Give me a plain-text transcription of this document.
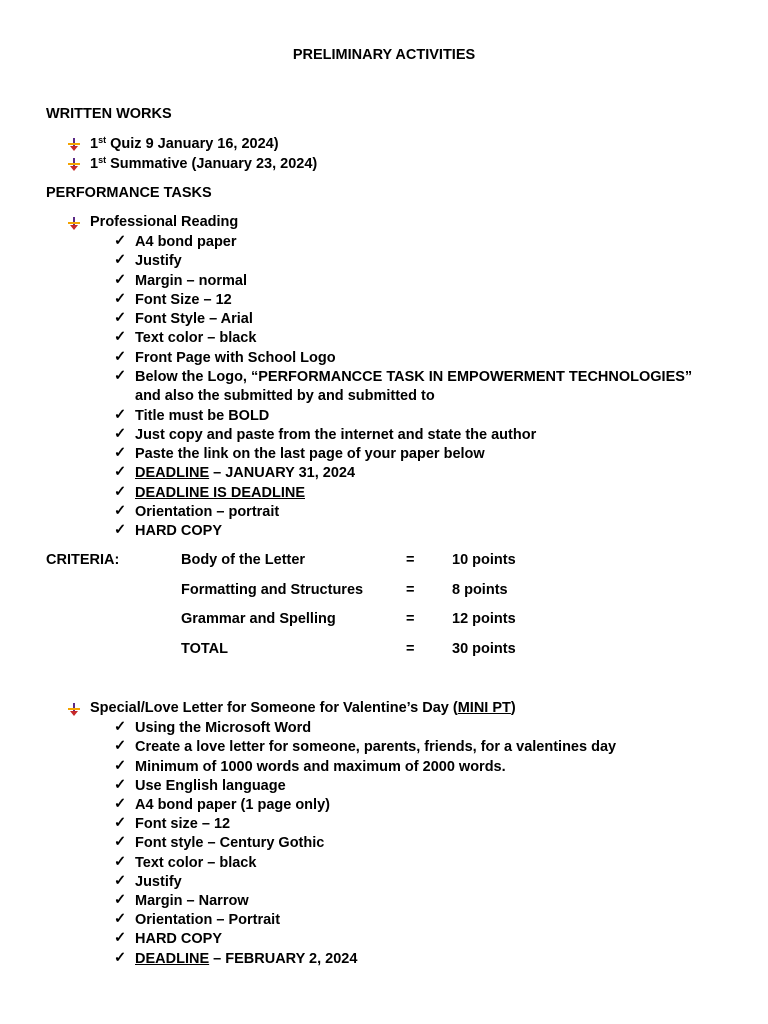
PRELIMINARY ACTIVITIES
WRITTEN WORKS
1st Quiz 9 January 16, 2024)
1st Summative (January 23, 2024)
PERFORMANCE TASKS
Professional Reading
✓ A4 bond paper
✓ Justify
✓ Margin – normal
✓ Font Size – 12
✓ Font Style – Arial
✓ Text color – black
✓ Front Page with School Logo
✓ Below the Logo, “PERFORMANCCE TASK IN EMPOWERMENT TECHNOLOGIES”
and also the submitted by and submitted to
✓ Title must be BOLD
✓ Just copy and paste from the internet and state the author
✓ Paste the link on the last page of your paper below
✓ DEADLINE – JANUARY 31, 2024
✓ DEADLINE IS DEADLINE
✓ Orientation – portrait
✓ HARD COPY
CRITERIA:	Body of the Letter	=	10 points
Formatting and Structures	=	8 points
Grammar and Spelling	=	12 points
TOTAL	=	30 points
Special/Love Letter for Someone for Valentine’s Day (MINI PT)
✓ Using the Microsoft Word
✓ Create a love letter for someone, parents, friends, for a valentines day
✓ Minimum of 1000 words and maximum of 2000 words.
✓ Use English language
✓ A4 bond paper (1 page only)
✓ Font size – 12
✓ Font style – Century Gothic
✓ Text color – black
✓ Justify
✓ Margin – Narrow
✓ Orientation – Portrait
✓ HARD COPY
✓ DEADLINE – FEBRUARY 2, 2024
